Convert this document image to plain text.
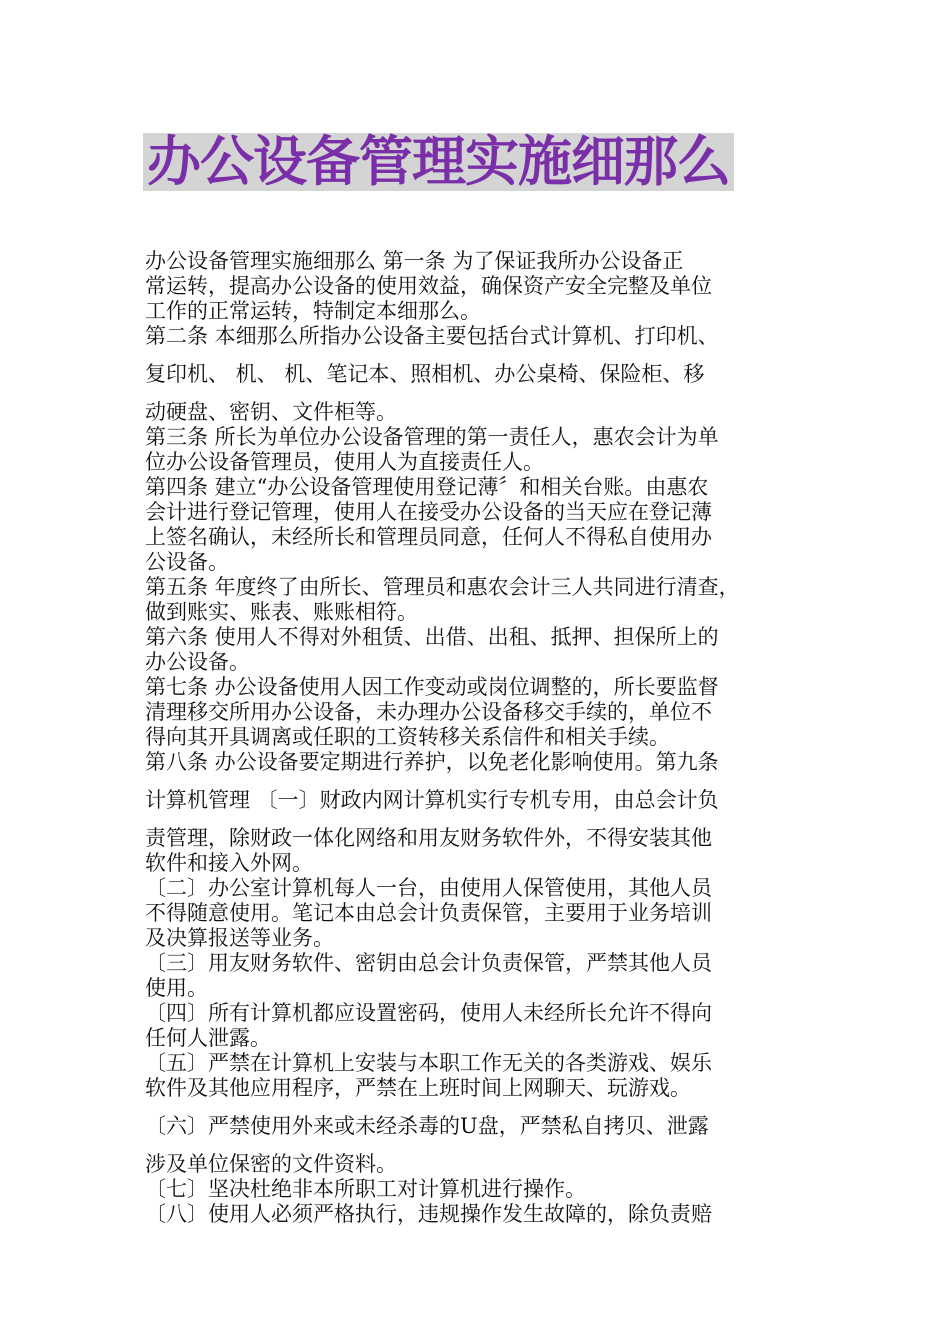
办公设备管理实施细那么
办公设备管理实施细那么 第一条 为了保证我所办公设备正
常运转，提高办公设备的使用效益，确保资产安全完整及单位
工作的正常运转，特制定本细那么。
第二条 本细那么所指办公设备主要包括台式计算机、打印机、
复印机、 机、 机、笔记本、照相机、办公桌椅、保险柜、移
动硬盘、密钥、文件柜等。
第三条 所长为单位办公设备管理的第一责任人，惠农会计为单
位办公设备管理员，使用人为直接责任人。
第四条 建立“办公设备管理使用登记薄〞和相关台账。由惠农
会计进行登记管理，使用人在接受办公设备的当天应在登记薄
上签名确认，未经所长和管理员同意，任何人不得私自使用办
公设备。
第五条 年度终了由所长、管理员和惠农会计三人共同进行清查，
做到账实、账表、账账相符。
第六条 使用人不得对外租赁、出借、出租、抵押、担保所上的
办公设备。
第七条 办公设备使用人因工作变动或岗位调整的，所长要监督
清理移交所用办公设备，未办理办公设备移交手续的，单位不
得向其开具调离或任职的工资转移关系信件和相关手续。
第八条 办公设备要定期进行养护，以免老化影响使用。第九条
计算机管理 〔一〕财政内网计算机实行专机专用，由总会计负
责管理，除财政一体化网络和用友财务软件外，不得安装其他
软件和接入外网。
〔二〕办公室计算机每人一台，由使用人保管使用，其他人员
不得随意使用。笔记本由总会计负责保管，主要用于业务培训
及决算报送等业务。
〔三〕用友财务软件、密钥由总会计负责保管，严禁其他人员
使用。
〔四〕所有计算机都应设置密码，使用人未经所长允许不得向
任何人泄露。
〔五〕严禁在计算机上安装与本职工作无关的各类游戏、娱乐
软件及其他应用程序，严禁在上班时间上网聊天、玩游戏。
〔六〕严禁使用外来或未经杀毒的U盘，严禁私自拷贝、泄露
涉及单位保密的文件资料。
〔七〕坚决杜绝非本所职工对计算机进行操作。
〔八〕使用人必须严格执行，违规操作发生故障的，除负责赔
